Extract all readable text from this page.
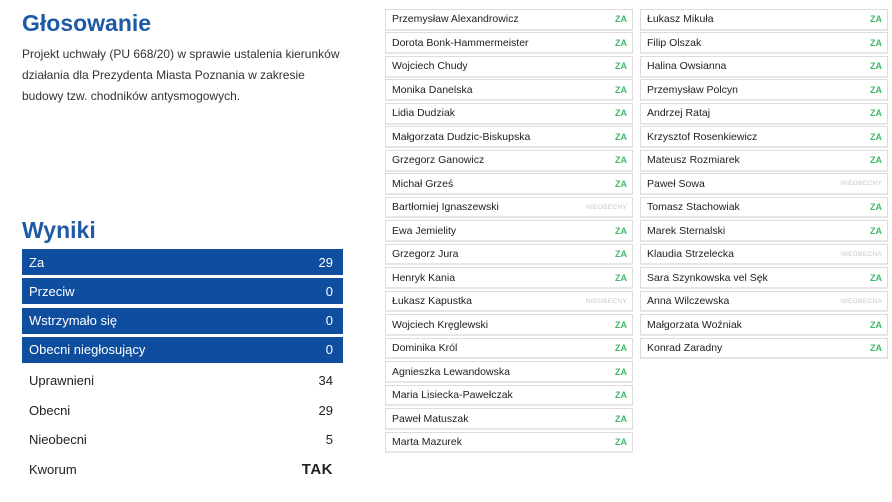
Głosowanie
Projekt uchwały (PU 668/20) w sprawie ustalenia kierunków działania dla Prezydenta Miasta Poznania w zakresie budowy tzw. chodników antysmogowych.
Wyniki
Za	29
Przeciw	0
Wstrzymało się	0
Obecni niegłosujący	0
Uprawnieni	34
Obecni	29
Nieobecni	5
Kworum	TAK
Przemysław Alexandrowicz	ZA
Dorota Bonk-Hammermeister	ZA
Wojciech Chudy	ZA
Monika Danelska	ZA
Lidia Dudziak	ZA
Małgorzata Dudzic-Biskupska	ZA
Grzegorz Ganowicz	ZA
Michał Grześ	ZA
Bartłomiej Ignaszewski	NIEOBECNY
Ewa Jemielity	ZA
Grzegorz Jura	ZA
Henryk Kania	ZA
Łukasz Kapustka	NIEOBECNY
Wojciech Kręglewski	ZA
Dominika Król	ZA
Agnieszka Lewandowska	ZA
Maria Lisiecka-Pawełczak	ZA
Paweł Matuszak	ZA
Marta Mazurek	ZA
Łukasz Mikuła	ZA
Filip Olszak	ZA
Halina Owsianna	ZA
Przemysław Polcyn	ZA
Andrzej Rataj	ZA
Krzysztof Rosenkiewicz	ZA
Mateusz Rozmiarek	ZA
Paweł Sowa	NIEOBECNY
Tomasz Stachowiak	ZA
Marek Sternalski	ZA
Klaudia Strzelecka	NIEOBECNA
Sara Szynkowska vel Sęk	ZA
Anna Wilczewska	NIEOBECNA
Małgorzata Woźniak	ZA
Konrad Zaradny	ZA
